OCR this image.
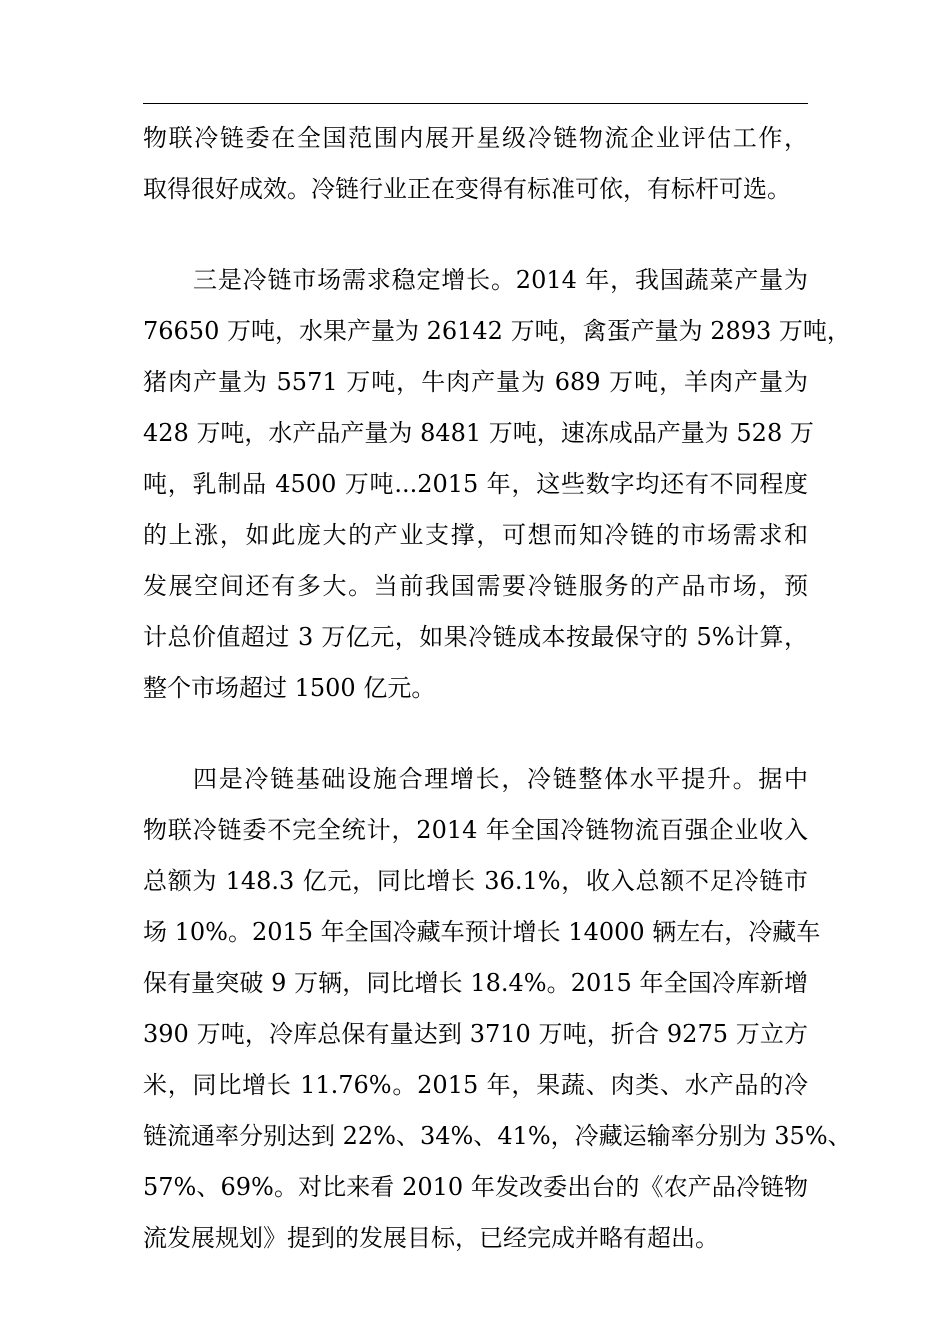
物联冷链委在全国范围内展开星级冷链物流企业评估工作，
取得很好成效。冷链行业正在变得有标准可依，有标杆可选。
三是冷链市场需求稳定增长。2014 年，我国蔬菜产量为
76650 万吨，水果产量为 26142 万吨，禽蛋产量为 2893 万吨，
猪肉产量为 5571 万吨，牛肉产量为 689 万吨，羊肉产量为
428 万吨，水产品产量为 8481 万吨，速冻成品产量为 528 万
吨，乳制品 4500 万吨...2015 年，这些数字均还有不同程度
的上涨，如此庞大的产业支撑，可想而知冷链的市场需求和
发展空间还有多大。当前我国需要冷链服务的产品市场，预
计总价值超过 3 万亿元，如果冷链成本按最保守的 5%计算，
整个市场超过 1500 亿元。
四是冷链基础设施合理增长，冷链整体水平提升。据中
物联冷链委不完全统计，2014 年全国冷链物流百强企业收入
总额为 148.3 亿元，同比增长 36.1%，收入总额不足冷链市
场 10%。2015 年全国冷藏车预计增长 14000 辆左右，冷藏车
保有量突破 9 万辆，同比增长 18.4%。2015 年全国冷库新增
390 万吨，冷库总保有量达到 3710 万吨，折合 9275 万立方
米，同比增长 11.76%。2015 年，果蔬、肉类、水产品的冷
链流通率分别达到 22%、34%、41%，冷藏运输率分别为 35%、
57%、69%。对比来看 2010 年发改委出台的《农产品冷链物
流发展规划》提到的发展目标，已经完成并略有超出。
